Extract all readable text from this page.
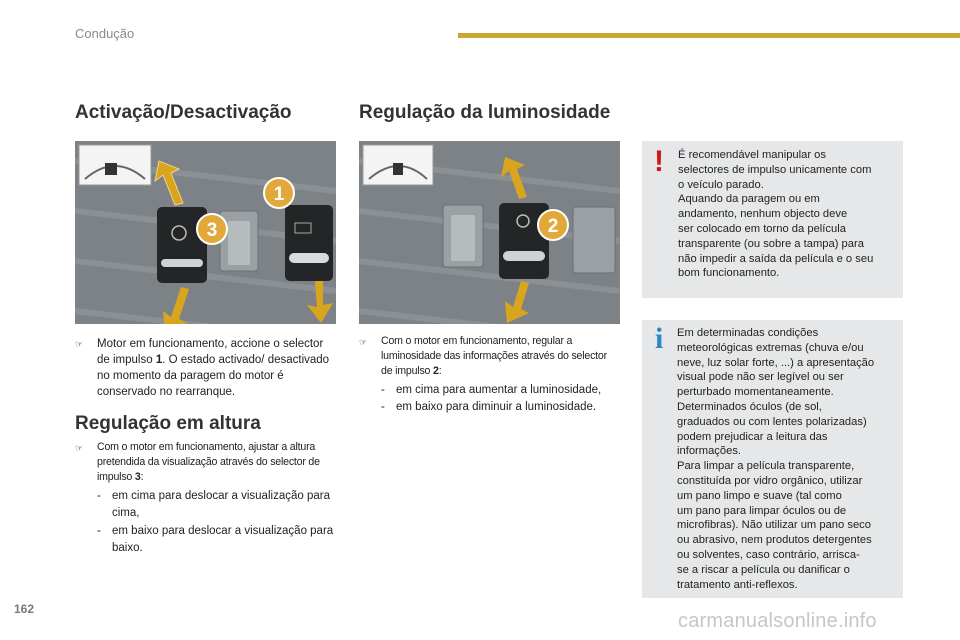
Condução
Activação/Desactivação
1
3
☞	Motor em funcionamento, accione o selector de impulso 1. O estado activado/ desactivado no momento da paragem do motor é conservado no rearranque.
Regulação em altura
☞	Com o motor em funcionamento, ajustar a altura pretendida da visualização através do selector de impulso 3:
- em cima para deslocar a visualização para cima,
- em baixo para deslocar a visualização para baixo.
Regulação da luminosidade
2
☞	Com o motor em funcionamento, regular a luminosidade das informações através do selector de impulso 2:
- em cima para aumentar a luminosidade,
- em baixo para diminuir a luminosidade.
! É recomendável manipular os
selectores de impulso unicamente com
o veículo parado.
Aquando da paragem ou em
andamento, nenhum objecto deve
ser colocado em torno da película
transparente (ou sobre a tampa) para
não impedir a saída da película e o seu
bom funcionamento.
i Em determinadas condições
meteorológicas extremas (chuva e/ou
neve, luz solar forte, ...) a apresentação
visual pode não ser legível ou ser
perturbado momentaneamente.
Determinados óculos (de sol,
graduados ou com lentes polarizadas)
podem prejudicar a leitura das
informações.
Para limpar a película transparente,
constituída por vidro orgânico, utilizar
um pano limpo e suave (tal como
um pano para limpar óculos ou de
microfibras). Não utilizar um pano seco
ou abrasivo, nem produtos detergentes
ou solventes, caso contrário, arrisca-
se a riscar a película ou danificar o
tratamento anti-reflexos.
162
carmanualsonline.info
